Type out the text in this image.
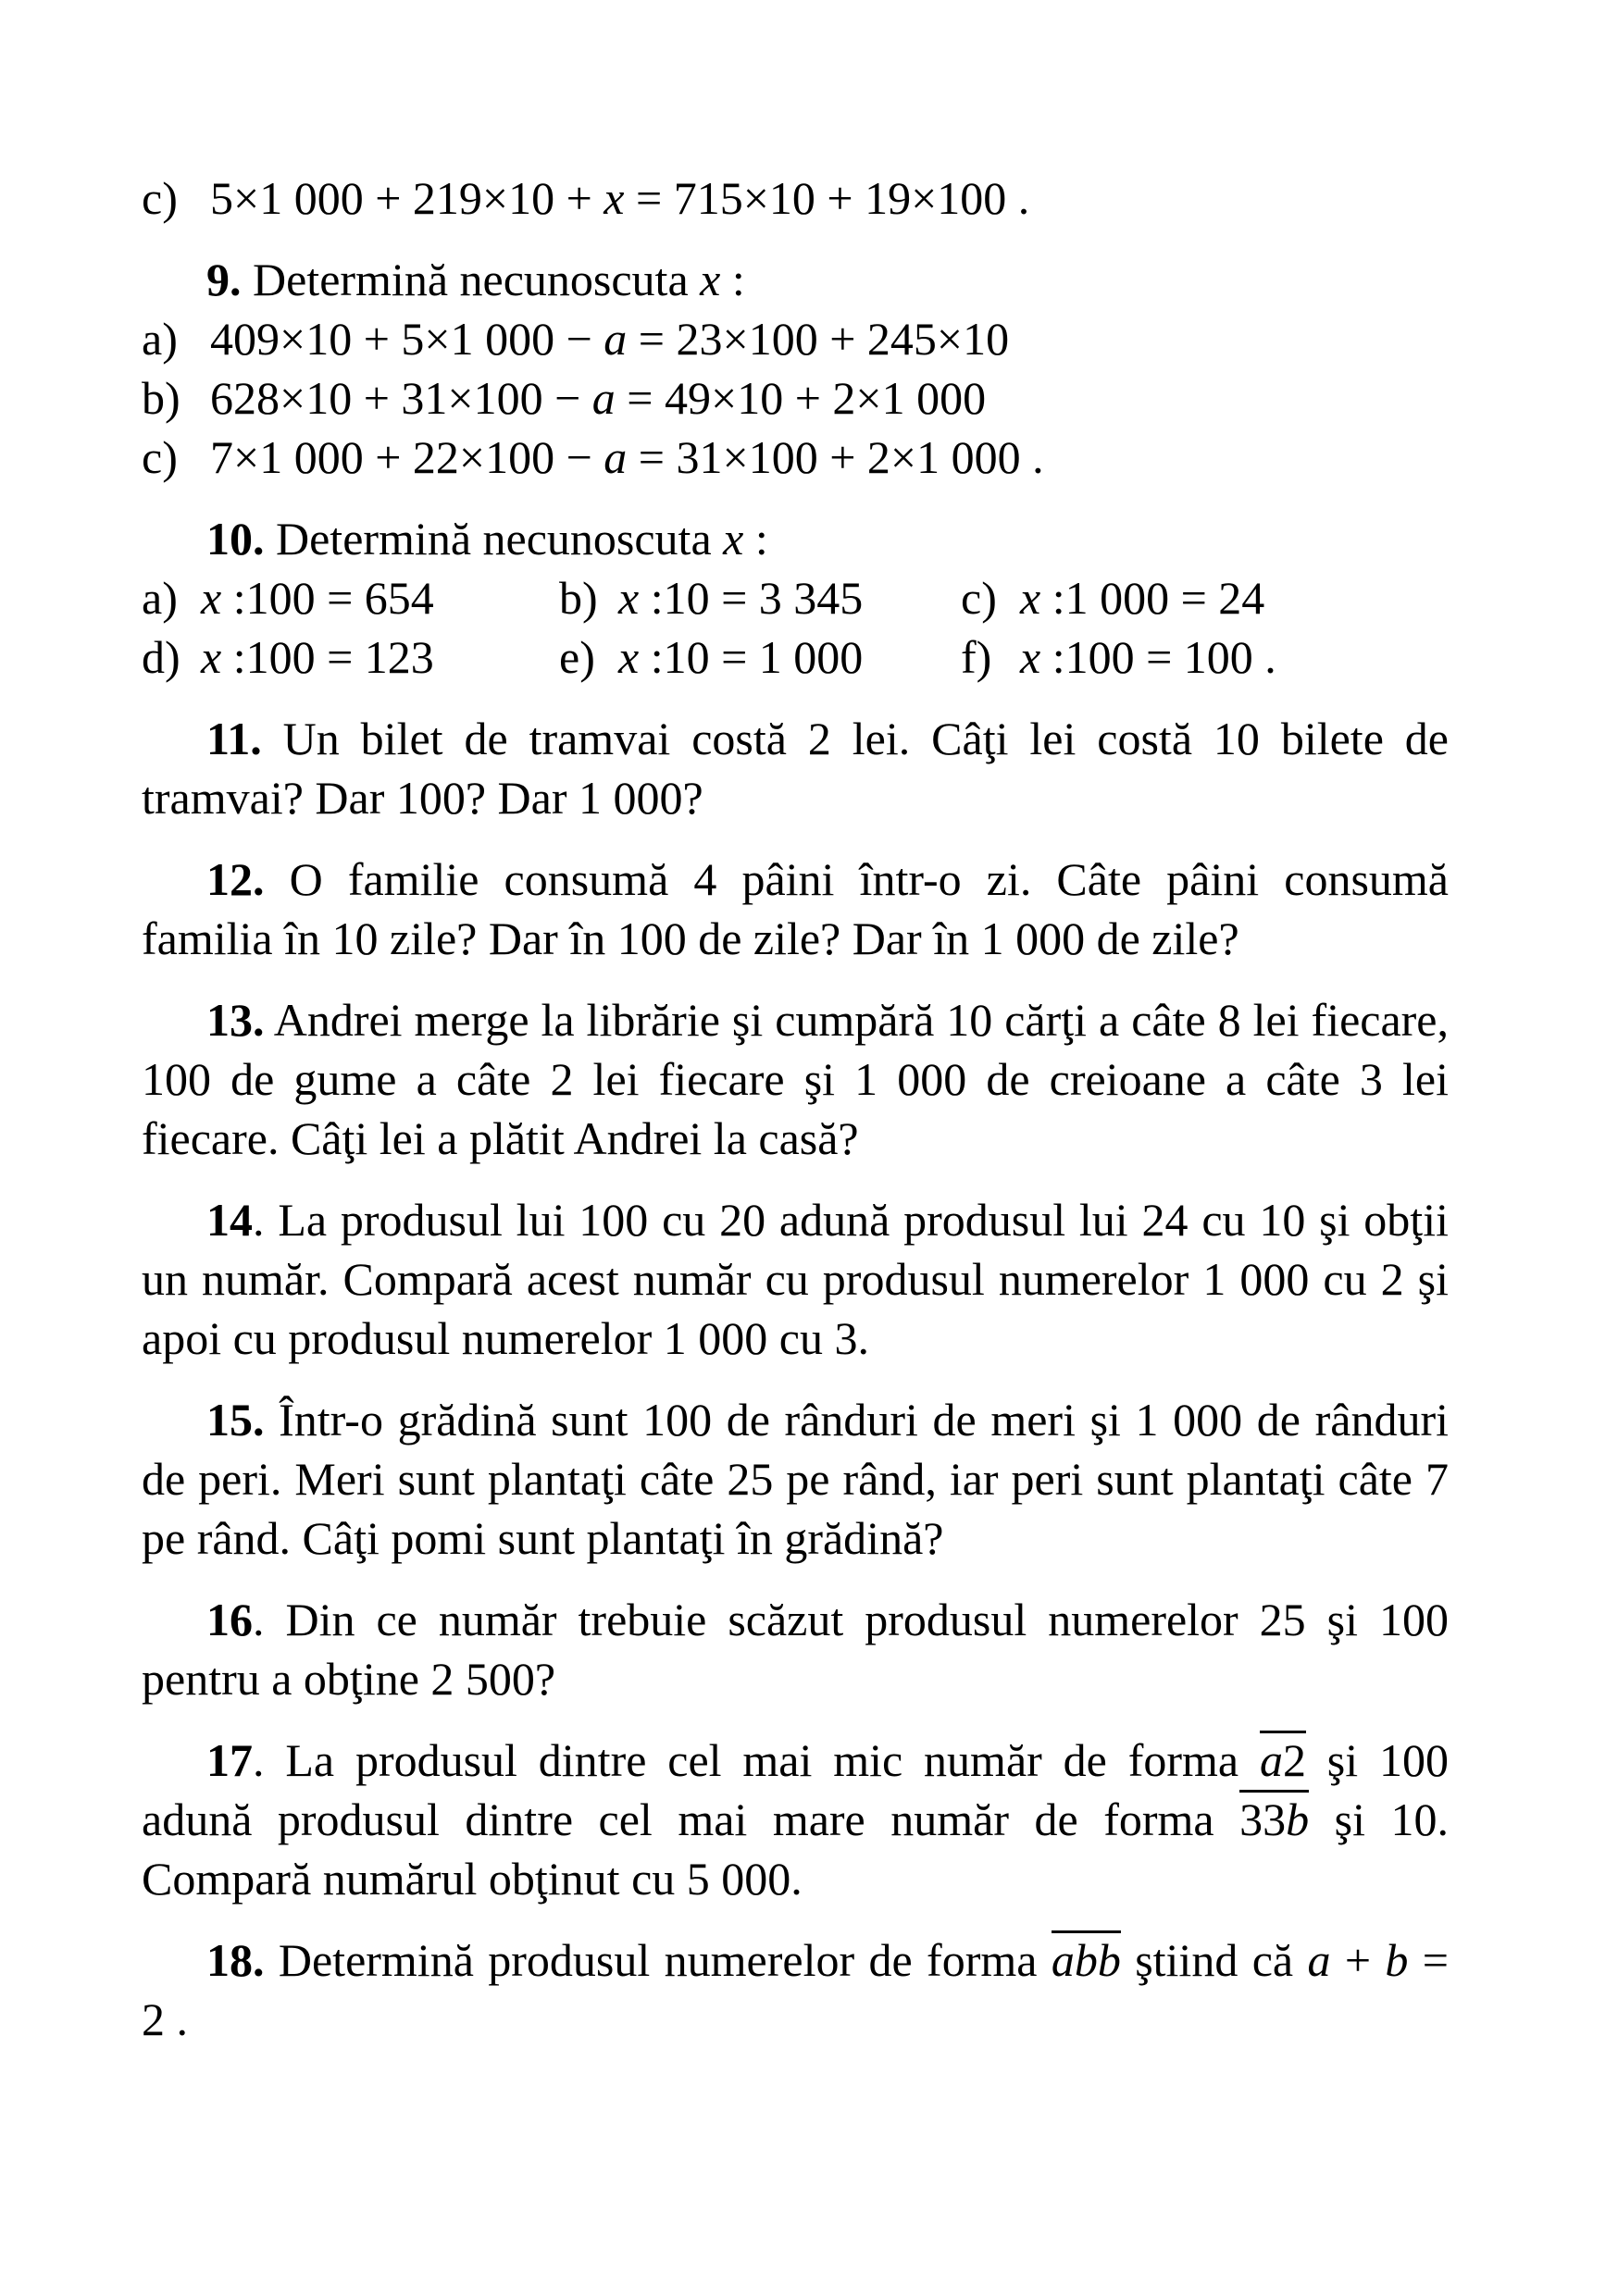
c) 5×1 000 + 219×10 + x = 715×10 + 19×100 .

9. Determină necunoscuta x :

a) 409×10 + 5×1 000 − a = 23×100 + 245×10
b) 628×10 + 31×100 − a = 49×10 + 2×1 000
c) 7×1 000 + 22×100 − a = 31×100 + 2×1 000 .

10. Determină necunoscuta x :

a) x :100 = 654	b) x :10 = 3 345	c) x :1 000 = 24
d) x :100 = 123	e) x :10 = 1 000	f) x :100 = 100 .

11. Un bilet de tramvai costă 2 lei. Câţi lei costă 10 bilete de tramvai? Dar 100? Dar 1 000?

12. O familie consumă 4 pâini într-o zi. Câte pâini consumă familia în 10 zile? Dar în 100 de zile? Dar în 1 000 de zile?

13. Andrei merge la librărie şi cumpără 10 cărţi a câte 8 lei fiecare, 100 de gume a câte 2 lei fiecare şi 1 000 de creioane a câte 3 lei fiecare. Câţi lei a plătit Andrei la casă?

14. La produsul lui 100 cu 20 adună produsul lui 24 cu 10 şi obţii un număr. Compară acest număr cu produsul numerelor 1 000 cu 2 şi apoi cu produsul numerelor 1 000 cu 3.

15. Într-o grădină sunt 100 de rânduri de meri şi 1 000 de rânduri de peri. Meri sunt plantaţi câte 25 pe rând, iar peri sunt plantaţi câte 7 pe rând. Câţi pomi sunt plantaţi în grădină?

16. Din ce număr trebuie scăzut produsul numerelor 25 şi 100 pentru a obţine 2 500?

17. La produsul dintre cel mai mic număr de forma a2 şi 100 adună produsul dintre cel mai mare număr de forma 33b şi 10. Compară numărul obţinut cu 5 000.

18. Determină produsul numerelor de forma abb ştiind că a + b = 2 .
